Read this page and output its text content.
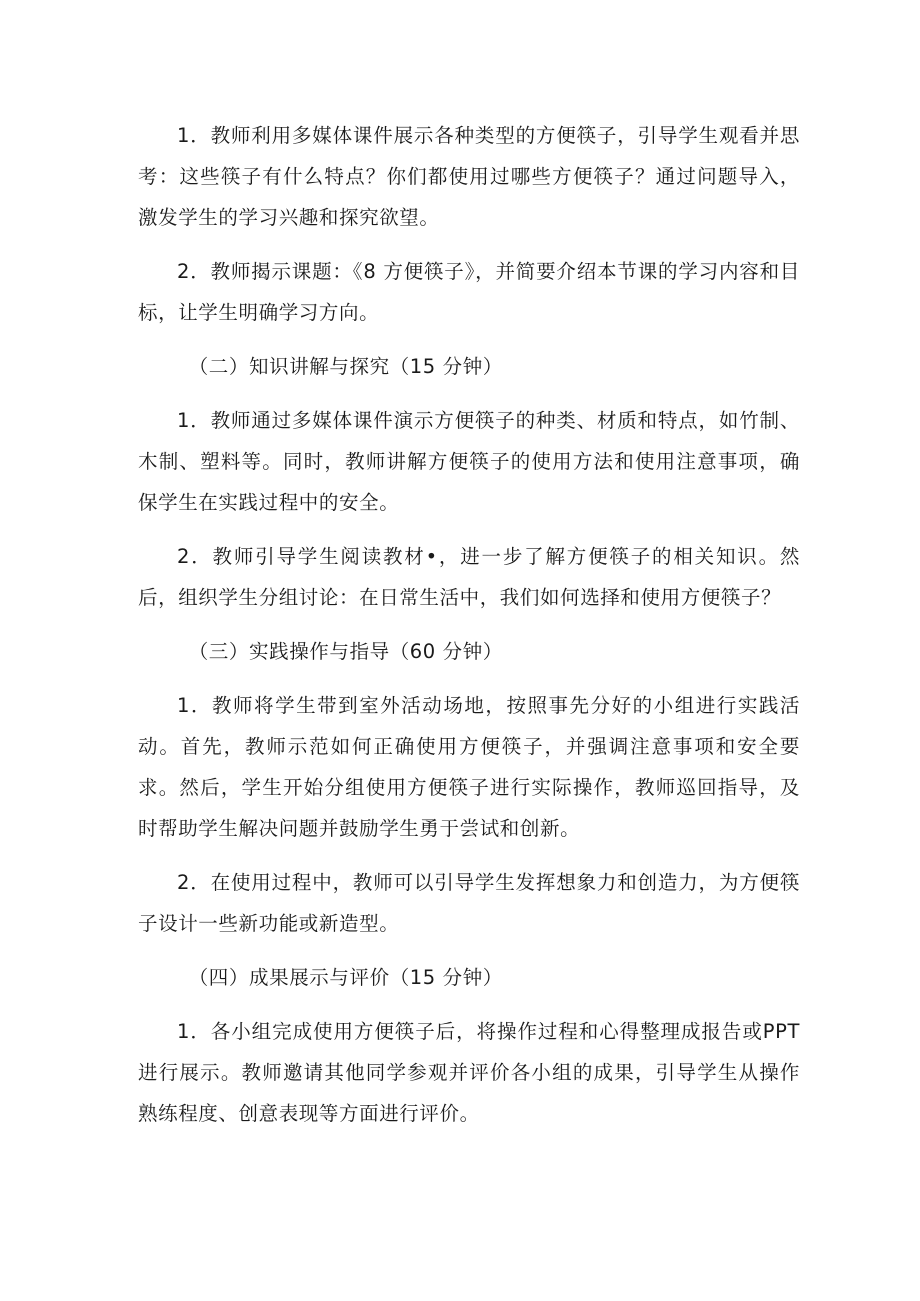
1．教师利用多媒体课件展示各种类型的方便筷子，引导学生观看并思考：这些筷子有什么特点？你们都使用过哪些方便筷子？通过问题导入，激发学生的学习兴趣和探究欲望。

2．教师揭示课题：《8 方便筷子》，并简要介绍本节课的学习内容和目标，让学生明确学习方向。

（二）知识讲解与探究（15 分钟）

1．教师通过多媒体课件演示方便筷子的种类、材质和特点，如竹制、木制、塑料等。同时，教师讲解方便筷子的使用方法和使用注意事项，确保学生在实践过程中的安全。

2．教师引导学生阅读教材•，进一步了解方便筷子的相关知识。然后，组织学生分组讨论：在日常生活中，我们如何选择和使用方便筷子？

（三）实践操作与指导（60 分钟）

1．教师将学生带到室外活动场地，按照事先分好的小组进行实践活动。首先，教师示范如何正确使用方便筷子，并强调注意事项和安全要求。然后，学生开始分组使用方便筷子进行实际操作，教师巡回指导，及时帮助学生解决问题并鼓励学生勇于尝试和创新。

2．在使用过程中，教师可以引导学生发挥想象力和创造力，为方便筷子设计一些新功能或新造型。

（四）成果展示与评价（15 分钟）

1．各小组完成使用方便筷子后，将操作过程和心得整理成报告或PPT进行展示。教师邀请其他同学参观并评价各小组的成果，引导学生从操作熟练程度、创意表现等方面进行评价。
